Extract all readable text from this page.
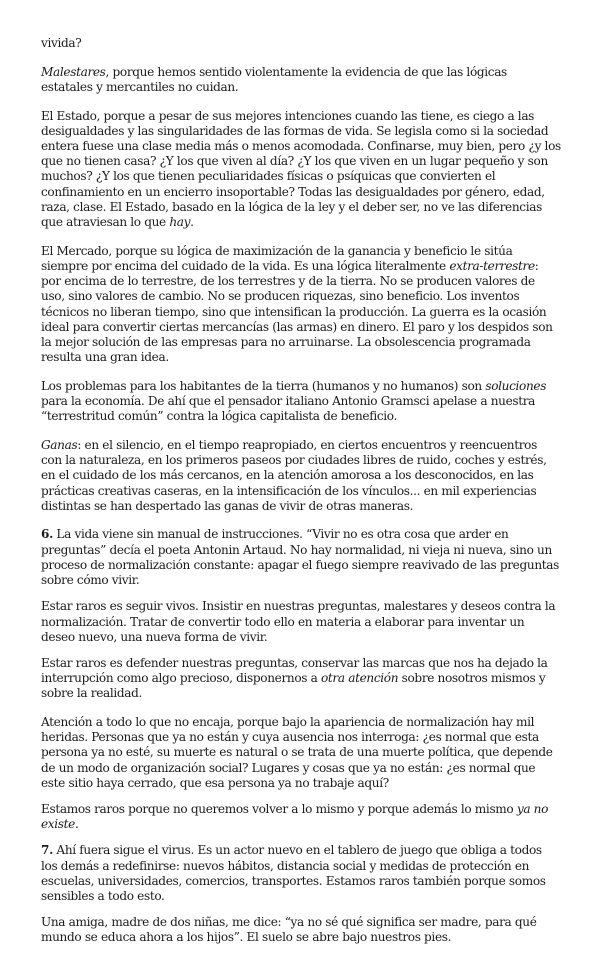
vivida?

Malestares, porque hemos sentido violentamente la evidencia de que las lógicas estatales y mercantiles no cuidan.

El Estado, porque a pesar de sus mejores intenciones cuando las tiene, es ciego a las desigualdades y las singularidades de las formas de vida. Se legisla como si la sociedad entera fuese una clase media más o menos acomodada. Confinarse, muy bien, pero ¿y los que no tienen casa? ¿Y los que viven al día? ¿Y los que viven en un lugar pequeño y son muchos? ¿Y los que tienen peculiaridades físicas o psíquicas que convierten el confinamiento en un encierro insoportable? Todas las desigualdades por género, edad, raza, clase. El Estado, basado en la lógica de la ley y el deber ser, no ve las diferencias que atraviesan lo que hay.

El Mercado, porque su lógica de maximización de la ganancia y beneficio le sitúa siempre por encima del cuidado de la vida. Es una lógica literalmente extra-terrestre: por encima de lo terrestre, de los terrestres y de la tierra. No se producen valores de uso, sino valores de cambio. No se producen riquezas, sino beneficio. Los inventos técnicos no liberan tiempo, sino que intensifican la producción. La guerra es la ocasión ideal para convertir ciertas mercancías (las armas) en dinero. El paro y los despidos son la mejor solución de las empresas para no arruinarse. La obsolescencia programada resulta una gran idea.

Los problemas para los habitantes de la tierra (humanos y no humanos) son soluciones para la economía. De ahí que el pensador italiano Antonio Gramsci apelase a nuestra “terrestritud común” contra la lógica capitalista de beneficio.

Ganas: en el silencio, en el tiempo reapropiado, en ciertos encuentros y reencuentros con la naturaleza, en los primeros paseos por ciudades libres de ruido, coches y estrés, en el cuidado de los más cercanos, en la atención amorosa a los desconocidos, en las prácticas creativas caseras, en la intensificación de los vínculos... en mil experiencias distintas se han despertado las ganas de vivir de otras maneras.

6. La vida viene sin manual de instrucciones. “Vivir no es otra cosa que arder en preguntas” decía el poeta Antonin Artaud. No hay normalidad, ni vieja ni nueva, sino un proceso de normalización constante: apagar el fuego siempre reavivado de las preguntas sobre cómo vivir.

Estar raros es seguir vivos. Insistir en nuestras preguntas, malestares y deseos contra la normalización. Tratar de convertir todo ello en materia a elaborar para inventar un deseo nuevo, una nueva forma de vivir.

Estar raros es defender nuestras preguntas, conservar las marcas que nos ha dejado la interrupción como algo precioso, disponernos a otra atención sobre nosotros mismos y sobre la realidad.

Atención a todo lo que no encaja, porque bajo la apariencia de normalización hay mil heridas. Personas que ya no están y cuya ausencia nos interroga: ¿es normal que esta persona ya no esté, su muerte es natural o se trata de una muerte política, que depende de un modo de organización social? Lugares y cosas que ya no están: ¿es normal que este sitio haya cerrado, que esa persona ya no trabaje aquí?

Estamos raros porque no queremos volver a lo mismo y porque además lo mismo ya no existe.

7. Ahí fuera sigue el virus. Es un actor nuevo en el tablero de juego que obliga a todos los demás a redefinirse: nuevos hábitos, distancia social y medidas de protección en escuelas, universidades, comercios, transportes. Estamos raros también porque somos sensibles a todo esto.

Una amiga, madre de dos niñas, me dice: “ya no sé qué significa ser madre, para qué mundo se educa ahora a los hijos”. El suelo se abre bajo nuestros pies.
